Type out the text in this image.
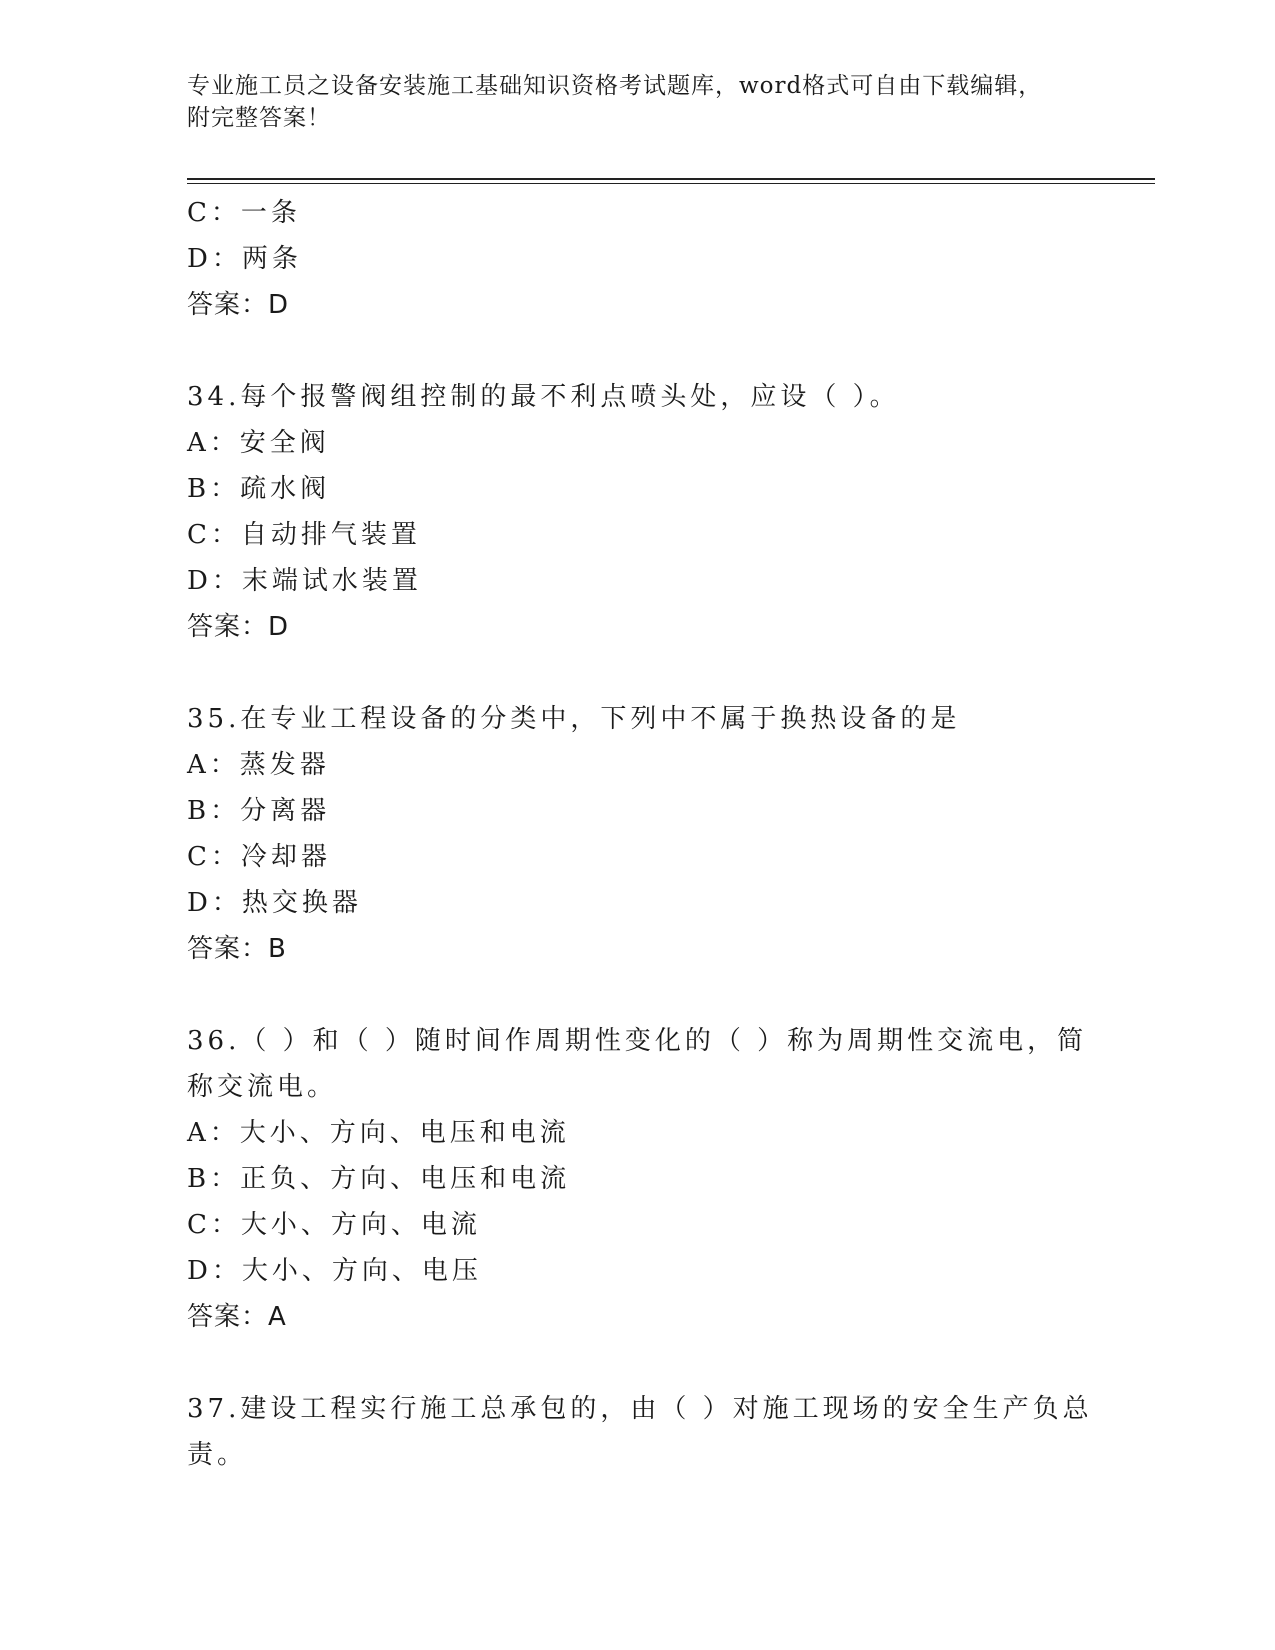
专业施工员之设备安装施工基础知识资格考试题库，word格式可自由下载编辑，
附完整答案！
C：一条
D：两条
答案：D
34.每个报警阀组控制的最不利点喷头处，应设（ ）。
A：安全阀
B：疏水阀
C：自动排气装置
D：末端试水装置
答案：D
35.在专业工程设备的分类中，下列中不属于换热设备的是
A：蒸发器
B：分离器
C：冷却器
D：热交换器
答案：B
36.（ ）和（ ）随时间作周期性变化的（ ）称为周期性交流电，简
称交流电。
A：大小、方向、电压和电流
B：正负、方向、电压和电流
C：大小、方向、电流
D：大小、方向、电压
答案：A
37.建设工程实行施工总承包的，由（ ）对施工现场的安全生产负总
责。
